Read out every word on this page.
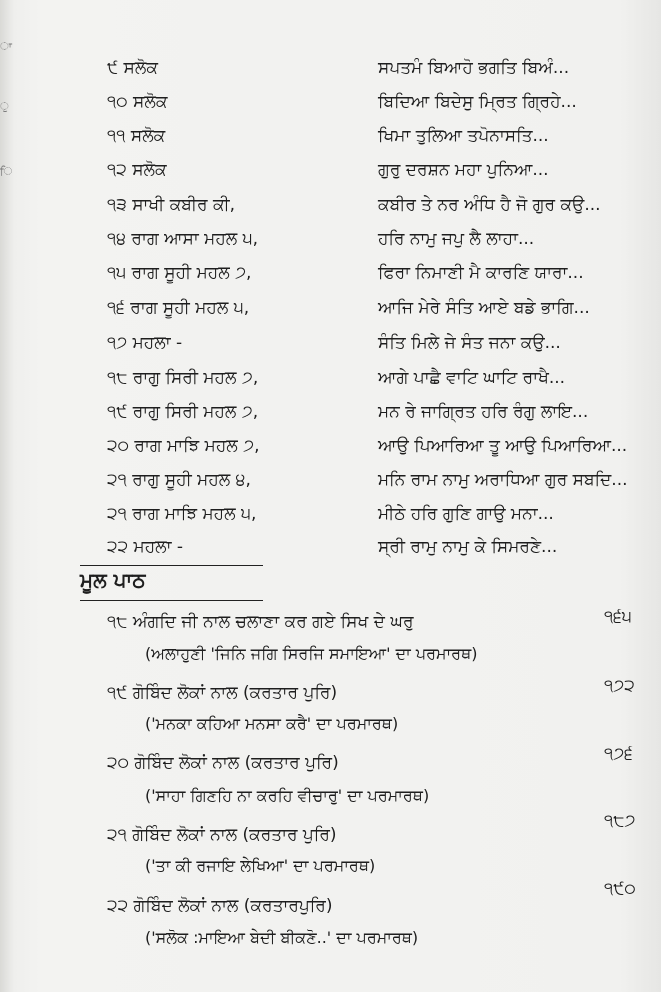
ਾ
ੁ
ਿ
੯ ਸਲੋਕ	ਸਪਤਮੰ ਬਿਆਹੋ ਭਗਤਿ ਬਿਅੰ...
੧੦ ਸਲੋਕ	ਬਿਦਿਆ ਬਿਦੇਸੁ ਮ੍ਰਿਤ ਗ੍ਰਿਹੇ...
੧੧ ਸਲੋਕ	ਖਿਮਾ ਤੁਲਿਆ ਤਪੋਨਾਸਤਿ...
੧੨ ਸਲੋਕ	ਗੁਰੁ ਦਰਸ਼ਨ ਮਹਾ ਪੁਨਿਆ...
੧੩ ਸਾਖੀ ਕਬੀਰ ਕੀ,	ਕਬੀਰ ਤੇ ਨਰ ਅੰਧਿ ਹੈ ਜੋ ਗੁਰ ਕਉ...
੧੪ ਰਾਗ ਆਸਾ ਮਹਲ ੫,	ਹਰਿ ਨਾਮੁ ਜਪੁ ਲੈ ਲਾਹਾ...
੧੫ ਰਾਗ ਸੂਹੀ ਮਹਲ ੭,	ਫਿਰਾ ਨਿਮਾਣੀ ਮੈ ਕਾਰਣਿ ਯਾਰਾ...
੧੬ ਰਾਗ ਸੂਹੀ ਮਹਲ ੫,	ਆਜਿ ਮੇਰੇ ਸੰਤਿ ਆਏ ਬਡੇ ਭਾਗਿ...
੧੭ ਮਹਲਾ -	ਸੰਤਿ ਮਿਲੇ ਜੇ ਸੰਤ ਜਨਾ ਕਉ...
੧੮ ਰਾਗੁ ਸਿਰੀ ਮਹਲ ੭,	ਆਗੇ ਪਾਛੈ ਵਾਟਿ ਘਾਟਿ ਰਾਖੈ...
੧੯ ਰਾਗੁ ਸਿਰੀ ਮਹਲ ੭,	ਮਨ ਰੇ ਜਾਗ੍ਰਿਤ ਹਰਿ ਰੰਗੁ ਲਾਇ...
੨੦ ਰਾਗ ਮਾਝਿ ਮਹਲ ੭,	ਆਉ ਪਿਆਰਿਆ ਤੂ ਆਉ ਪਿਆਰਿਆ...
੨੧ ਰਾਗੁ ਸੂਹੀ ਮਹਲ ੪,	ਮਨਿ ਰਾਮ ਨਾਮੁ ਅਰਾਧਿਆ ਗੁਰ ਸਬਦਿ...
੨੧ ਰਾਗ ਮਾਝਿ ਮਹਲ ੫,	ਮੀਠੇ ਹਰਿ ਗੁਣਿ ਗਾਉ ਮਨਾ...
੨੨ ਮਹਲਾ -	ਸ੍ਰੀ ਰਾਮੁ ਨਾਮੁ ਕੇ ਸਿਮਰਣੇ...
ਮੂਲ ਪਾਠ
੧੮ ਅੰਗਦਿ ਜੀ ਨਾਲ ਚਲਾਣਾ ਕਰ ਗਏ ਸਿਖ ਦੇ ਘਰੁ
(ਅਲਾਹੁਣੀ 'ਜਿਨਿ ਜਗਿ ਸਿਰਜਿ ਸਮਾਇਆ' ਦਾ ਪਰਮਾਰਥ)
੧੬੫
੧੯ ਗੋਬਿੰਦ ਲੋਕਾਂ ਨਾਲ (ਕਰਤਾਰ ਪੁਰਿ)
('ਮਨਕਾ ਕਹਿਆ ਮਨਸਾ ਕਰੈ' ਦਾ ਪਰਮਾਰਥ)
੧੭੨
੨੦ ਗੋਬਿੰਦ ਲੋਕਾਂ ਨਾਲ (ਕਰਤਾਰ ਪੁਰਿ)
('ਸਾਹਾ ਗਿਣਹਿ ਨਾ ਕਰਹਿ ਵੀਚਾਰੁ' ਦਾ ਪਰਮਾਰਥ)
੧੭੬
੨੧ ਗੋਬਿੰਦ ਲੋਕਾਂ ਨਾਲ (ਕਰਤਾਰ ਪੁਰਿ)
('ਤਾ ਕੀ ਰਜਾਇ ਲੇਖਿਆ' ਦਾ ਪਰਮਾਰਥ)
੧੮੭
੨੨ ਗੋਬਿੰਦ ਲੋਕਾਂ ਨਾਲ (ਕਰਤਾਰਪੁਰਿ)
('ਸਲੋਕ :ਮਾਇਆ ਬੇਦੀ ਬੀਕਣੋ..' ਦਾ ਪਰਮਾਰਥ)
੧੯੦
